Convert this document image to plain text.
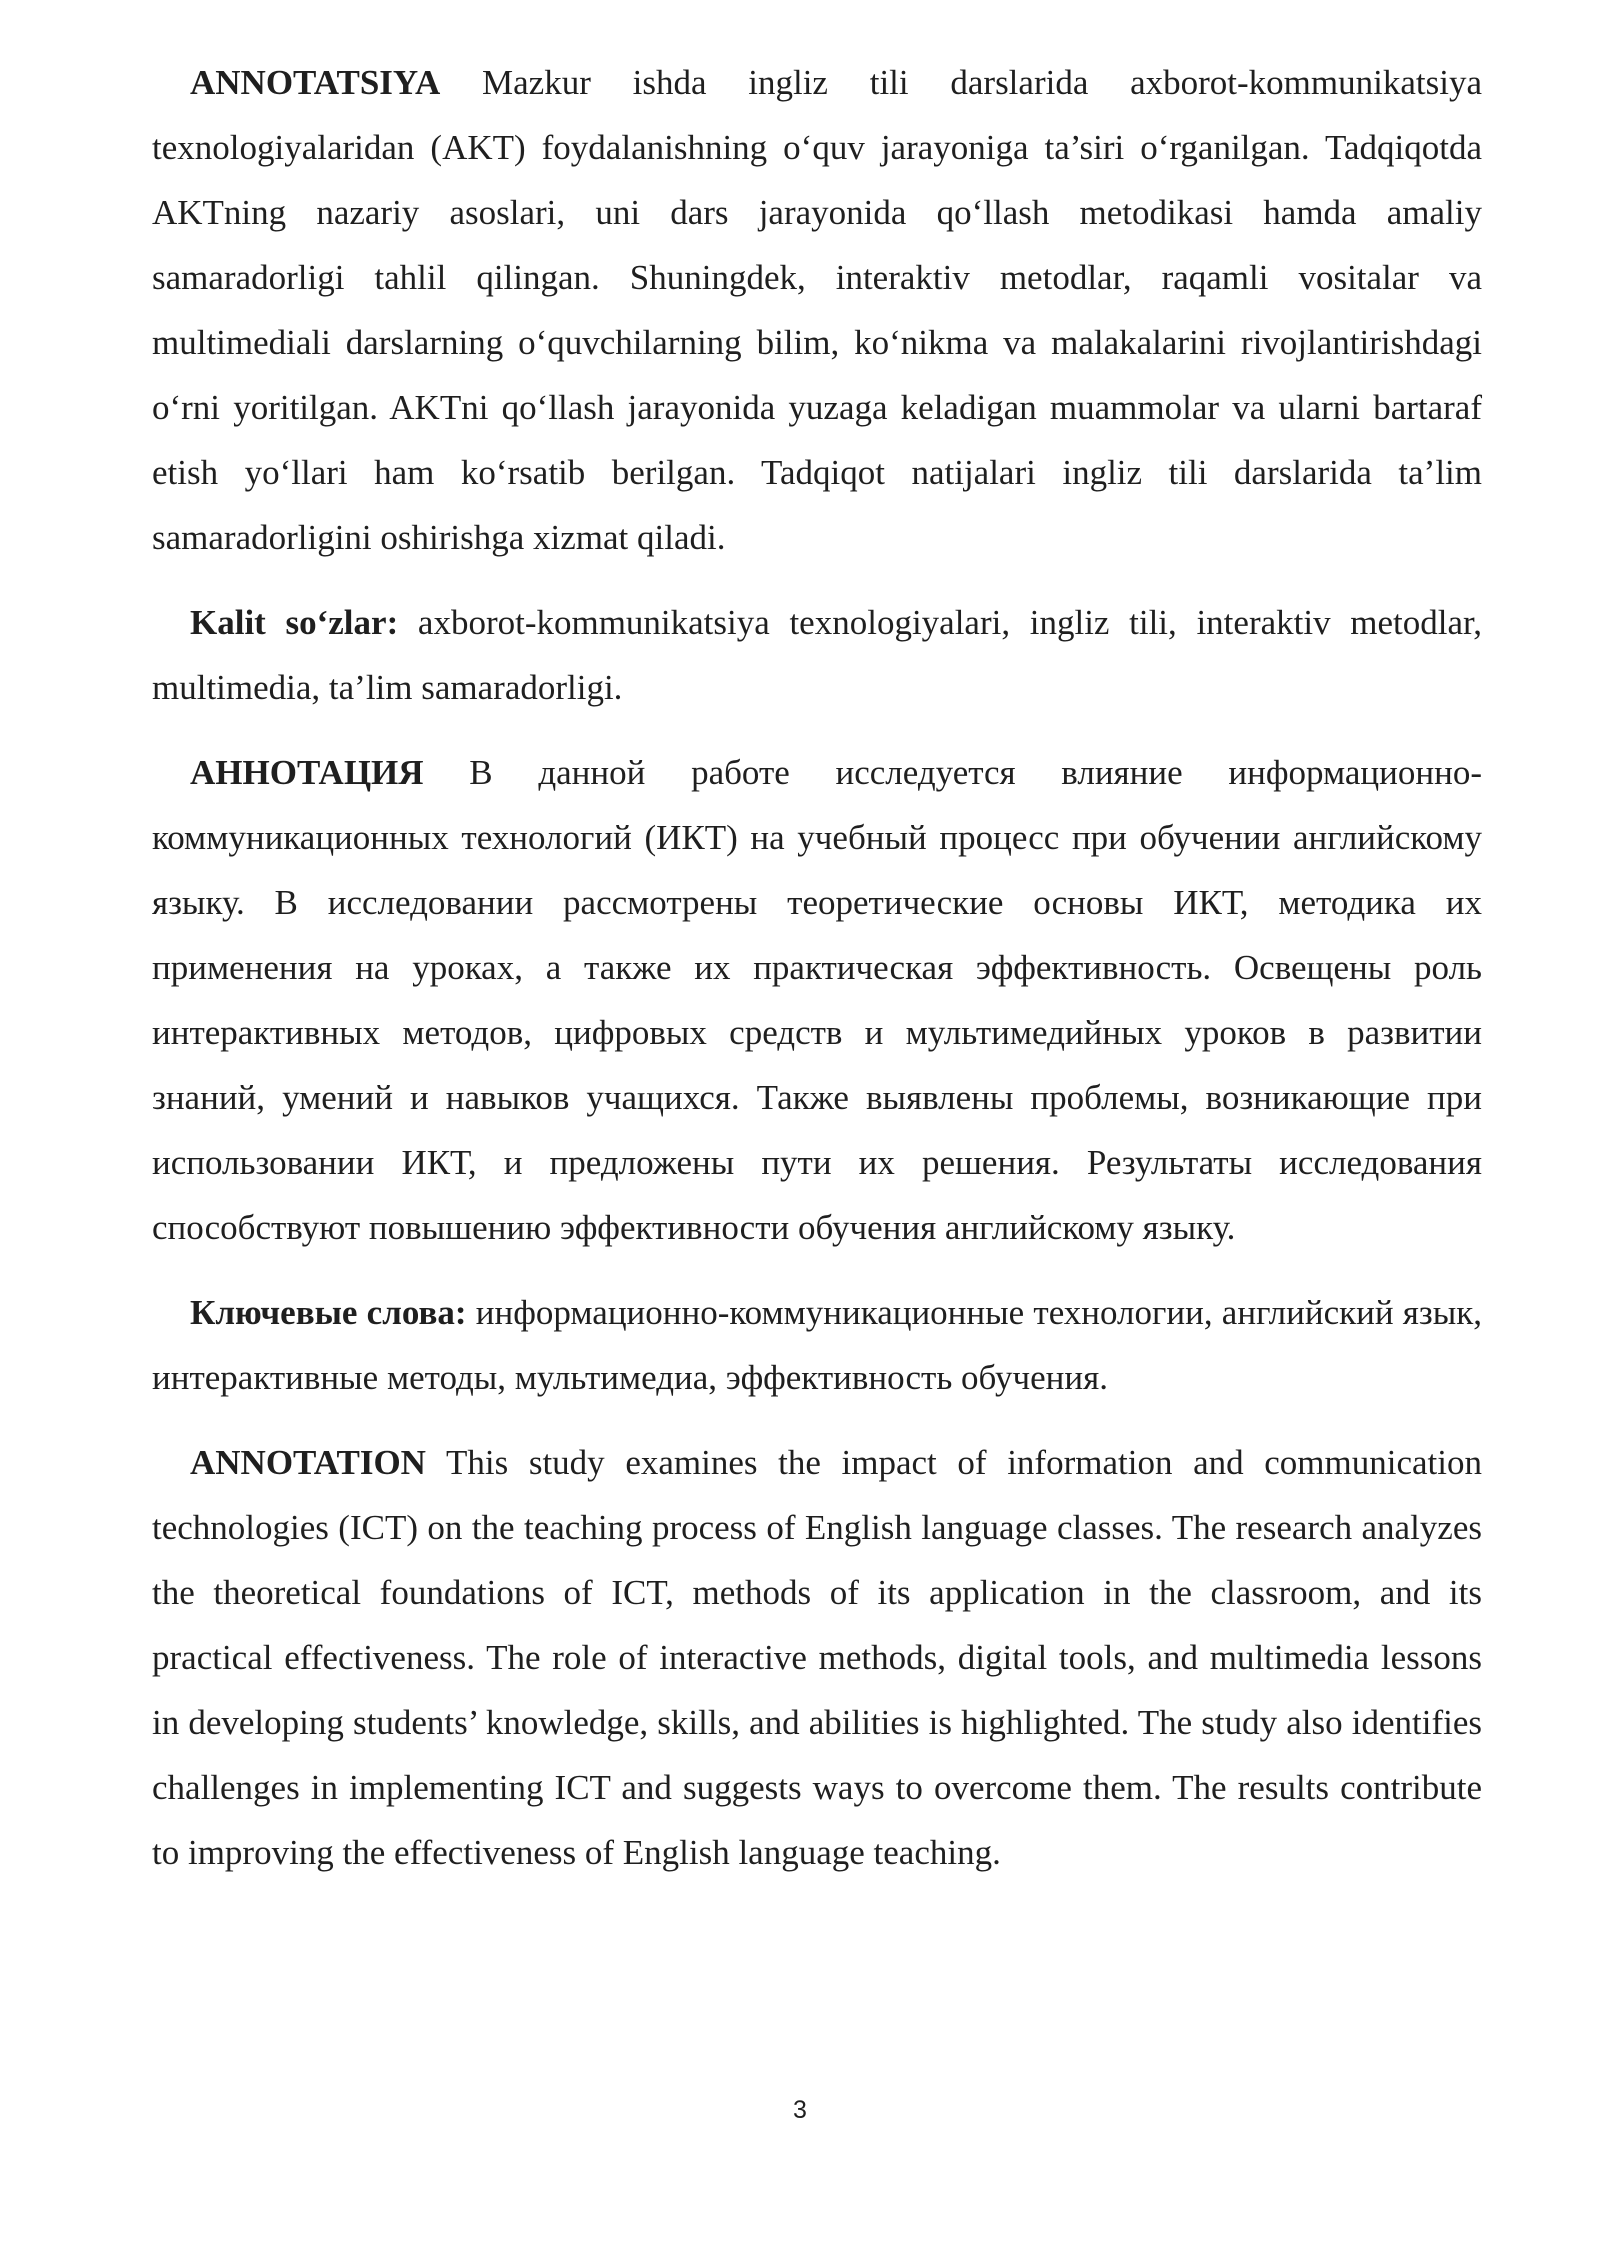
ANNOTATSIYA Mazkur ishda ingliz tili darslarida axborot-kommunikatsiya texnologiyalaridan (AKT) foydalanishning o‘quv jarayoniga ta’siri o‘rganilgan. Tadqiqotda AKTning nazariy asoslari, uni dars jarayonida qo‘llash metodikasi hamda amaliy samaradorligi tahlil qilingan. Shuningdek, interaktiv metodlar, raqamli vositalar va multimediali darslarning o‘quvchilarning bilim, ko‘nikma va malakalarini rivojlantirishdagi o‘rni yoritilgan. AKTni qo‘llash jarayonida yuzaga keladigan muammolar va ularni bartaraf etish yo‘llari ham ko‘rsatib berilgan. Tadqiqot natijalari ingliz tili darslarida ta’lim samaradorligini oshirishga xizmat qiladi.

Kalit so‘zlar: axborot-kommunikatsiya texnologiyalari, ingliz tili, interaktiv metodlar, multimedia, ta’lim samaradorligi.

АННОТАЦИЯ В данной работе исследуется влияние информационно-коммуникационных технологий (ИКТ) на учебный процесс при обучении английскому языку. В исследовании рассмотрены теоретические основы ИКТ, методика их применения на уроках, а также их практическая эффективность. Освещены роль интерактивных методов, цифровых средств и мультимедийных уроков в развитии знаний, умений и навыков учащихся. Также выявлены проблемы, возникающие при использовании ИКТ, и предложены пути их решения. Результаты исследования способствуют повышению эффективности обучения английскому языку.

Ключевые слова: информационно-коммуникационные технологии, английский язык, интерактивные методы, мультимедиа, эффективность обучения.

ANNOTATION This study examines the impact of information and communication technologies (ICT) on the teaching process of English language classes. The research analyzes the theoretical foundations of ICT, methods of its application in the classroom, and its practical effectiveness. The role of interactive methods, digital tools, and multimedia lessons in developing students’ knowledge, skills, and abilities is highlighted. The study also identifies challenges in implementing ICT and suggests ways to overcome them. The results contribute to improving the effectiveness of English language teaching.

3
